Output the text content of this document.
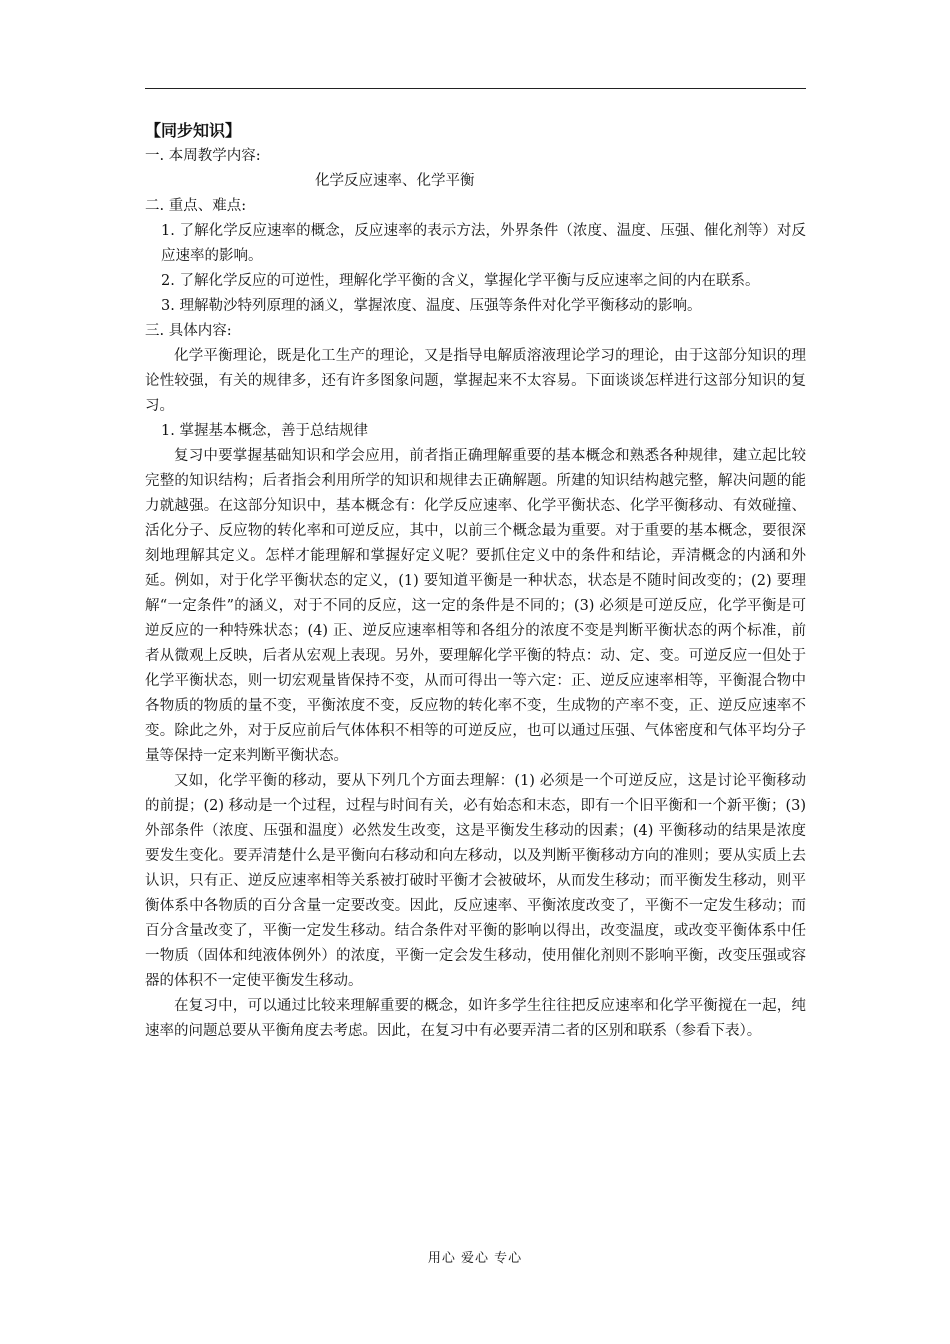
【同步知识】

一. 本周教学内容:

化学反应速率、化学平衡

二. 重点、难点:

1. 了解化学反应速率的概念，反应速率的表示方法，外界条件（浓度、温度、压强、催化剂等）对反应速率的影响。

2. 了解化学反应的可逆性，理解化学平衡的含义，掌握化学平衡与反应速率之间的内在联系。

3. 理解勒沙特列原理的涵义，掌握浓度、温度、压强等条件对化学平衡移动的影响。

三. 具体内容:

化学平衡理论，既是化工生产的理论，又是指导电解质溶液理论学习的理论，由于这部分知识的理论性较强，有关的规律多，还有许多图象问题，掌握起来不太容易。下面谈谈怎样进行这部分知识的复习。

1. 掌握基本概念，善于总结规律

复习中要掌握基础知识和学会应用，前者指正确理解重要的基本概念和熟悉各种规律，建立起比较完整的知识结构；后者指会利用所学的知识和规律去正确解题。所建的知识结构越完整，解决问题的能力就越强。在这部分知识中，基本概念有：化学反应速率、化学平衡状态、化学平衡移动、有效碰撞、活化分子、反应物的转化率和可逆反应，其中，以前三个概念最为重要。对于重要的基本概念，要很深刻地理解其定义。怎样才能理解和掌握好定义呢？要抓住定义中的条件和结论，弄清概念的内涵和外延。例如，对于化学平衡状态的定义，(1) 要知道平衡是一种状态，状态是不随时间改变的；(2) 要理解“一定条件”的涵义，对于不同的反应，这一定的条件是不同的；(3) 必须是可逆反应，化学平衡是可逆反应的一种特殊状态；(4) 正、逆反应速率相等和各组分的浓度不变是判断平衡状态的两个标准，前者从微观上反映，后者从宏观上表现。另外，要理解化学平衡的特点：动、定、变。可逆反应一但处于化学平衡状态，则一切宏观量皆保持不变，从而可得出一等六定：正、逆反应速率相等，平衡混合物中各物质的物质的量不变，平衡浓度不变，反应物的转化率不变，生成物的产率不变，正、逆反应速率不变。除此之外，对于反应前后气体体积不相等的可逆反应，也可以通过压强、气体密度和气体平均分子量等保持一定来判断平衡状态。

又如，化学平衡的移动，要从下列几个方面去理解：(1) 必须是一个可逆反应，这是讨论平衡移动的前提；(2) 移动是一个过程，过程与时间有关，必有始态和末态，即有一个旧平衡和一个新平衡；(3) 外部条件（浓度、压强和温度）必然发生改变，这是平衡发生移动的因素；(4) 平衡移动的结果是浓度要发生变化。要弄清楚什么是平衡向右移动和向左移动，以及判断平衡移动方向的准则；要从实质上去认识，只有正、逆反应速率相等关系被打破时平衡才会被破坏，从而发生移动；而平衡发生移动，则平衡体系中各物质的百分含量一定要改变。因此，反应速率、平衡浓度改变了，平衡不一定发生移动；而百分含量改变了，平衡一定发生移动。结合条件对平衡的影响以得出，改变温度，或改变平衡体系中任一物质（固体和纯液体例外）的浓度，平衡一定会发生移动，使用催化剂则不影响平衡，改变压强或容器的体积不一定使平衡发生移动。

在复习中，可以通过比较来理解重要的概念，如许多学生往往把反应速率和化学平衡搅在一起，纯速率的问题总要从平衡角度去考虑。因此，在复习中有必要弄清二者的区别和联系（参看下表）。

用心 爱心 专心
